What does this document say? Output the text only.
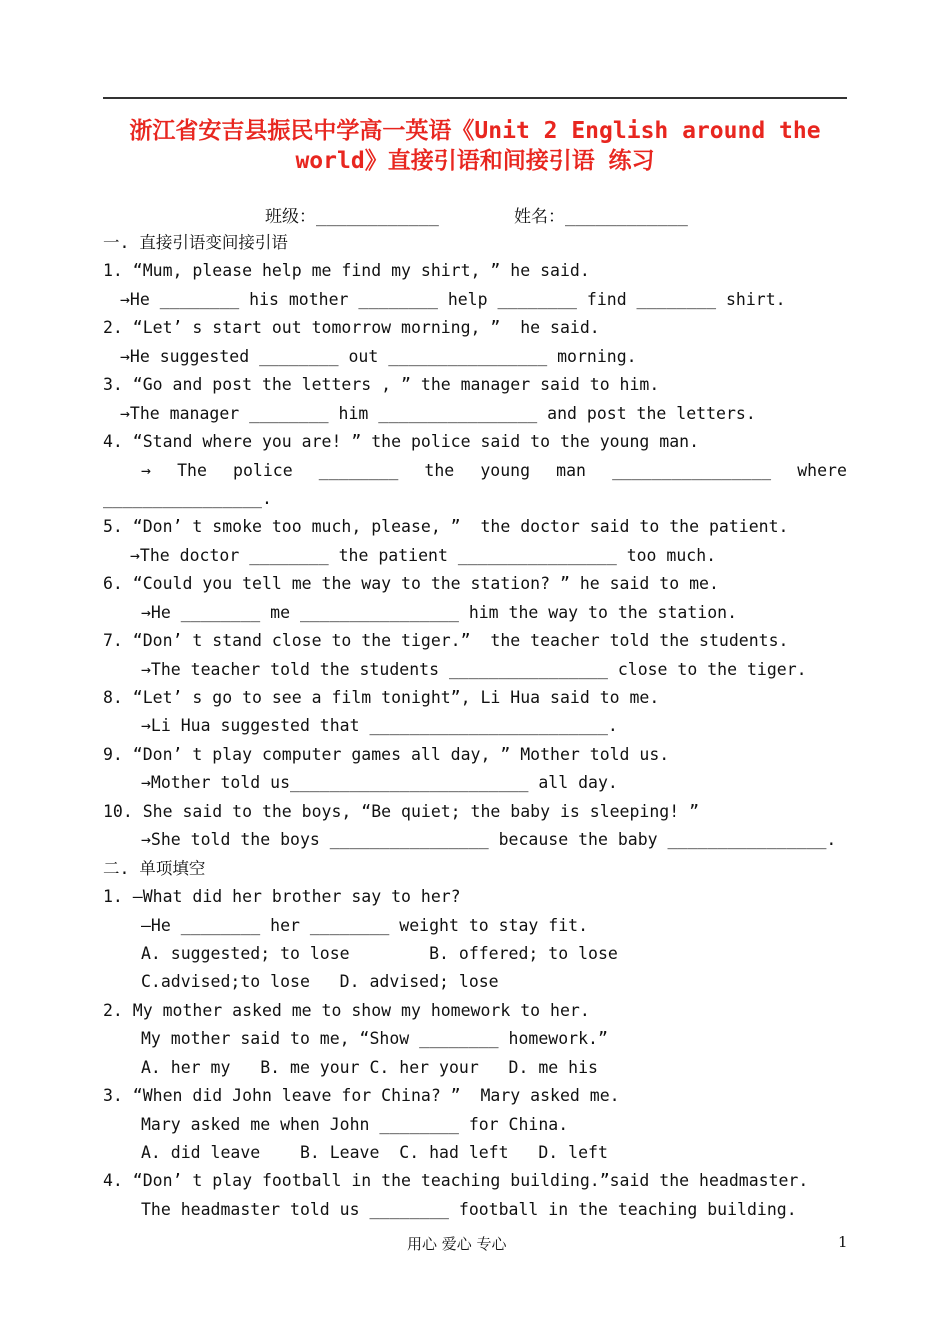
浙江省安吉县振民中学高一英语《Unit 2 English around the
world》直接引语和间接引语 练习
班级：____________	姓名：____________
一. 直接引语变间接引语
1. “Mum, please help me find my shirt, ” he said.
→He ________ his mother ________ help ________ find ________ shirt.
2. “Let’ s start out tomorrow morning, ”  he said.
→He suggested ________ out ________________ morning.
3. “Go and post the letters , ” the manager said to him.
→The manager ________ him ________________ and post the letters.
4. “Stand where you are! ” the police said to the young man.
→ The police ________ the young man ________________ where
________________.
5. “Don’ t smoke too much, please, ”  the doctor said to the patient.
→The doctor ________ the patient ________________ too much.
6. “Could you tell me the way to the station? ” he said to me.
→He ________ me ________________ him the way to the station.
7. “Don’ t stand close to the tiger.”  the teacher told the students.
→The teacher told the students ________________ close to the tiger.
8. “Let’ s go to see a film tonight”, Li Hua said to me.
→Li Hua suggested that ________________________.
9. “Don’ t play computer games all day, ” Mother told us.
→Mother told us________________________ all day.
10. She said to the boys, “Be quiet; the baby is sleeping! ”
→She told the boys ________________ because the baby ________________.
二. 单项填空
1. —What did her brother say to her?
—He ________ her ________ weight to stay fit.
A. suggested; to lose        B. offered; to lose
C.advised;to lose   D. advised; lose
2. My mother asked me to show my homework to her.
My mother said to me, “Show ________ homework.”
A. her my   B. me your C. her your   D. me his
3. “When did John leave for China? ”  Mary asked me.
Mary asked me when John ________ for China.
A. did leave    B. Leave  C. had left   D. left
4. “Don’ t play football in the teaching building.”said the headmaster.
The headmaster told us ________ football in the teaching building.
用心 爱心 专心	1
